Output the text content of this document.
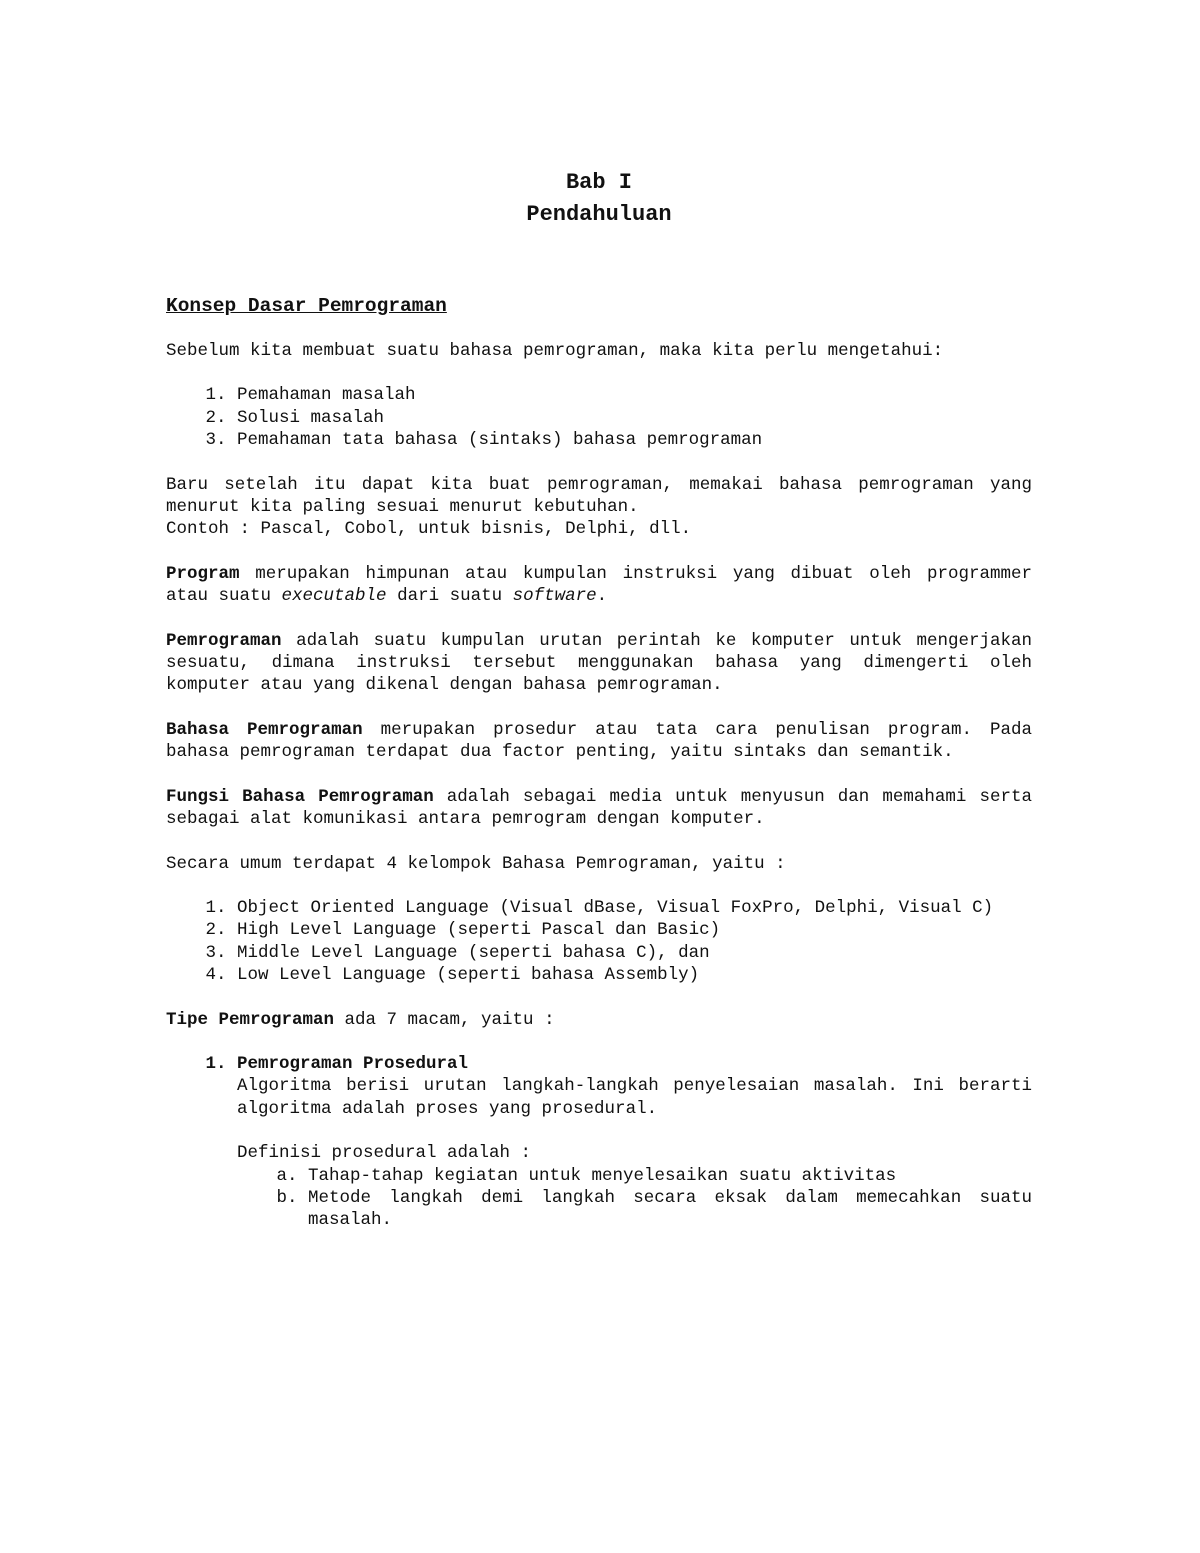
Bab I
Pendahuluan
Konsep Dasar Pemrograman

Sebelum kita membuat suatu bahasa pemrograman, maka kita perlu mengetahui:

1. Pemahaman masalah
2. Solusi masalah
3. Pemahaman tata bahasa (sintaks) bahasa pemrograman

Baru setelah itu dapat kita buat pemrograman, memakai bahasa pemrograman yang menurut kita paling sesuai menurut kebutuhan.

Contoh : Pascal, Cobol, untuk bisnis, Delphi, dll.

Program merupakan himpunan atau kumpulan instruksi yang dibuat oleh programmer atau suatu executable dari suatu software.

Pemrograman adalah suatu kumpulan urutan perintah ke komputer untuk mengerjakan sesuatu, dimana instruksi tersebut menggunakan bahasa yang dimengerti oleh komputer atau yang dikenal dengan bahasa pemrograman.

Bahasa Pemrograman merupakan prosedur atau tata cara penulisan program. Pada bahasa pemrograman terdapat dua factor penting, yaitu sintaks dan semantik.

Fungsi Bahasa Pemrograman adalah sebagai media untuk menyusun dan memahami serta sebagai alat komunikasi antara pemrogram dengan komputer.

Secara umum terdapat 4 kelompok Bahasa Pemrograman, yaitu :

1. Object Oriented Language (Visual dBase, Visual FoxPro, Delphi, Visual C)
2. High Level Language (seperti Pascal dan Basic)
3. Middle Level Language (seperti bahasa C), dan
4. Low Level Language (seperti bahasa Assembly)

Tipe Pemrograman ada 7 macam, yaitu :

1. Pemrograman Prosedural
Algoritma berisi urutan langkah-langkah penyelesaian masalah. Ini berarti algoritma adalah proses yang prosedural.
Definisi prosedural adalah :
a. Tahap-tahap kegiatan untuk menyelesaikan suatu aktivitas
b. Metode langkah demi langkah secara eksak dalam memecahkan suatu masalah.
